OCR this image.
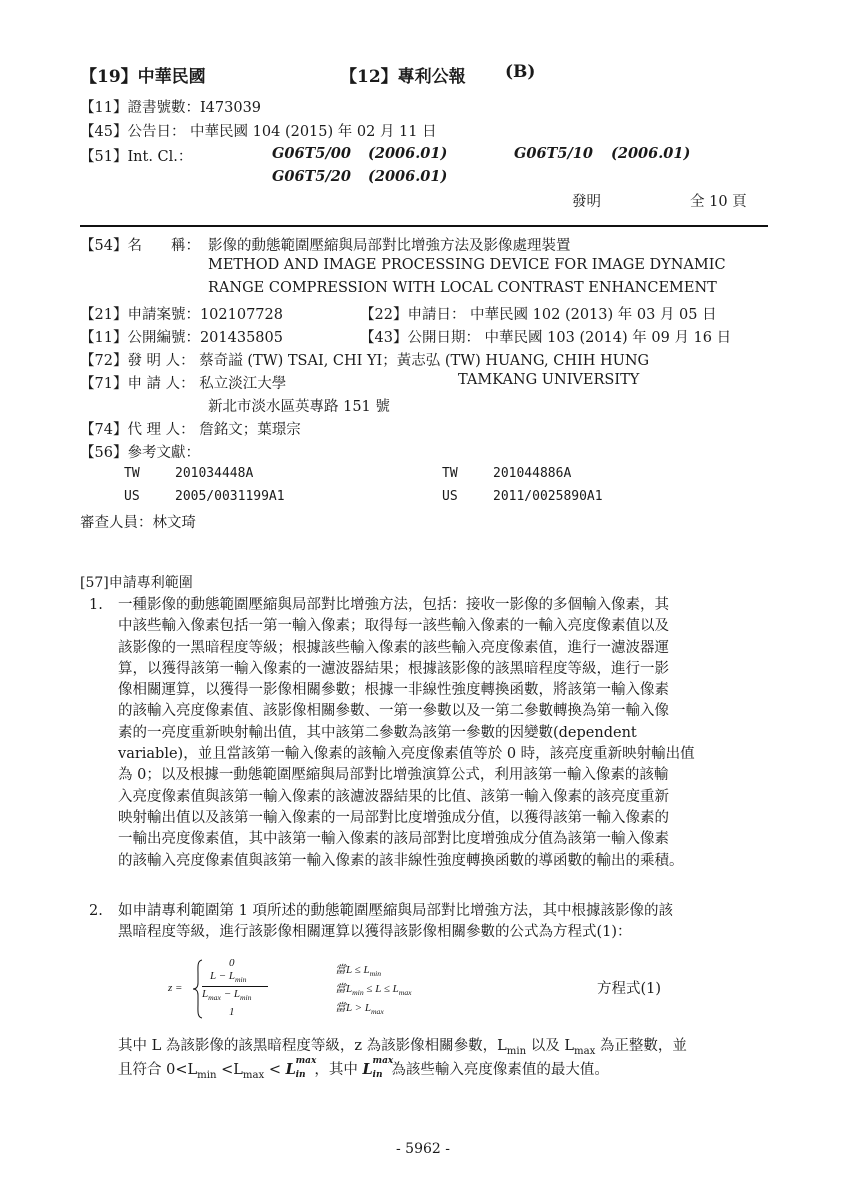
【19】中華民國	【12】專利公報 (B)
【11】證書號數：I473039
【45】公告日： 中華民國 104 (2015) 年 02 月 11 日
【51】Int. Cl.：	G06T5/00 (2006.01)	G06T5/10 (2006.01)
G06T5/20 (2006.01)
發明	全 10 頁
【54】名　　稱： 影像的動態範圍壓縮與局部對比增強方法及影像處理裝置
METHOD AND IMAGE PROCESSING DEVICE FOR IMAGE DYNAMIC
RANGE COMPRESSION WITH LOCAL CONTRAST ENHANCEMENT
【21】申請案號：102107728	【22】申請日： 中華民國 102 (2013) 年 03 月 05 日
【11】公開編號：201435805	【43】公開日期： 中華民國 103 (2014) 年 09 月 16 日
【72】發 明 人： 蔡奇謚 (TW) TSAI, CHI YI；黃志弘 (TW) HUANG, CHIH HUNG
【71】申 請 人： 私立淡江大學	TAMKANG UNIVERSITY
新北市淡水區英專路 151 號
【74】代 理 人： 詹銘文；葉璟宗
【56】參考文獻：
TW	201034448A	TW	201044886A
US	2005/0031199A1	US	2011/0025890A1
審查人員：林文琦
[57]申請專利範圍
1. 一種影像的動態範圍壓縮與局部對比增強方法，包括：接收一影像的多個輸入像素，其
中該些輸入像素包括一第一輸入像素；取得每一該些輸入像素的一輸入亮度像素值以及
該影像的一黑暗程度等級；根據該些輸入像素的該些輸入亮度像素值，進行一濾波器運
算，以獲得該第一輸入像素的一濾波器結果；根據該影像的該黑暗程度等級，進行一影
像相關運算，以獲得一影像相關參數；根據一非線性強度轉換函數，將該第一輸入像素
的該輸入亮度像素值、該影像相關參數、一第一參數以及一第二參數轉換為第一輸入像
素的一亮度重新映射輸出值，其中該第二參數為該第一參數的因變數(dependent
variable)，並且當該第一輸入像素的該輸入亮度像素值等於 0 時，該亮度重新映射輸出值
為 0；以及根據一動態範圍壓縮與局部對比增強演算公式，利用該第一輸入像素的該輸
入亮度像素值與該第一輸入像素的該濾波器結果的比值、該第一輸入像素的該亮度重新
映射輸出值以及該第一輸入像素的一局部對比度增強成分值，以獲得該第一輸入像素的
一輸出亮度像素值，其中該第一輸入像素的該局部對比度增強成分值為該第一輸入像素
的該輸入亮度像素值與該第一輸入像素的該非線性強度轉換函數的導函數的輸出的乘積。
2. 如申請專利範圍第 1 項所述的動態範圍壓縮與局部對比增強方法，其中根據該影像的該
黑暗程度等級，進行該影像相關運算以獲得該影像相關參數的公式為方程式(1)：
z =
0
$L - L_{min}$
$L_{max} - L_{min}$
1
當$L \le L_{min}$
當$L_{min} \le L \le L_{max}$
當$L > L_{max}$
方程式(1)
其中 L 為該影像的該黑暗程度等級，z 為該影像相關參數，$L_{min}$ 以及 $L_{max}$ 為正整數，並
且符合 $0<L_{min} <L_{max} < L$ max
in ，其中 L max
in 為該些輸入亮度像素值的最大值。
- 5962 -
